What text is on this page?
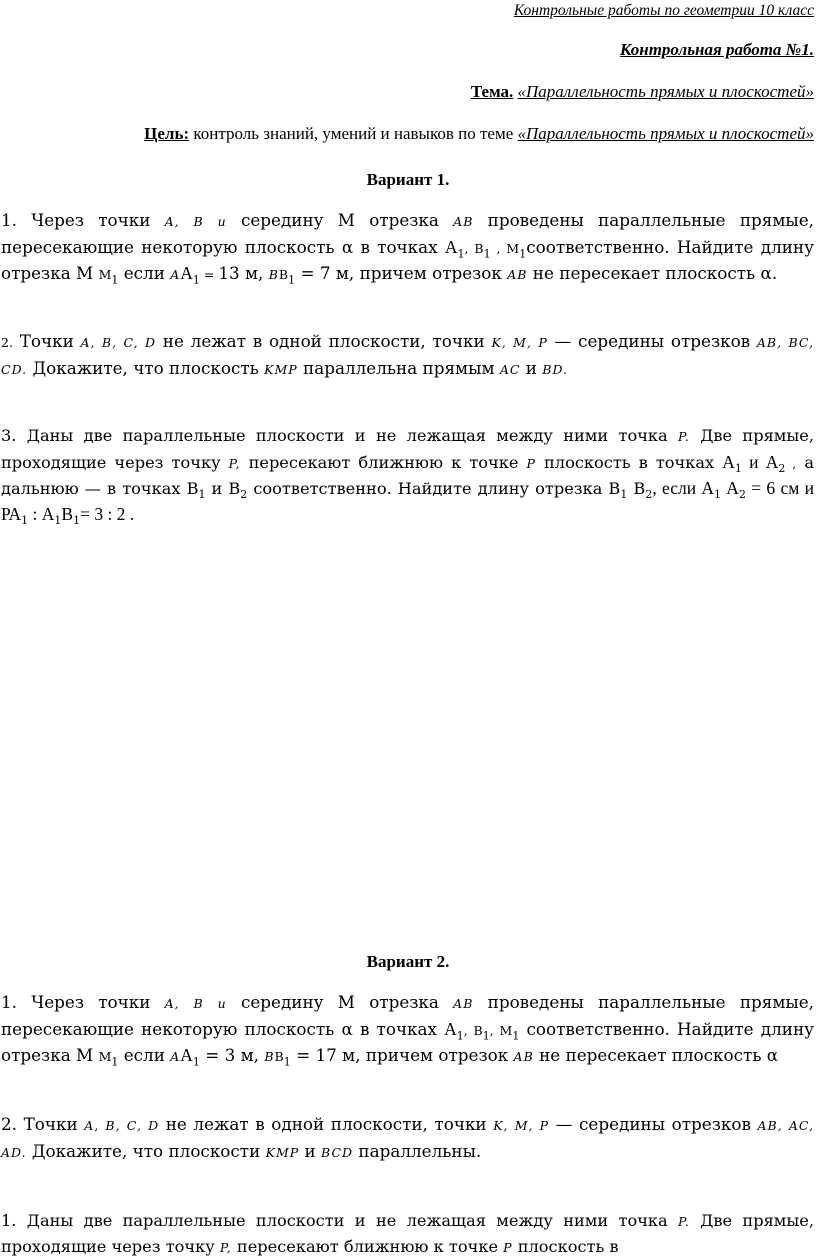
Контрольные работы по геометрии 10 класс
Контрольная работа №1.
Тема. «Параллельность прямых и плоскостей»
Цель: контроль знаний, умений и навыков по теме «Параллельность прямых и плоскостей»
Вариант 1.
1. Через точки A, B и середину М отрезка AB проведены параллельные прямые, пересекающие некоторую плоскость α в точках $А_1$, $В_1$ , $М_1соответственно$. Найдите длину отрезка М $М_1$ если $AА_1 = 13$ м, $BВ_1 = 7$ м, причем отрезок AB не пересекает плоскость α.
2. Точки A, B, C, D не лежат в одной плоскости, точки K, M, P — середины отрезков AB, BC, CD. Докажите, что плоскость KMP параллельна прямым AC и BD.
3. Даны две параллельные плоскости и не лежащая между ними точка P. Две прямые, проходящие через точку P, пересекают ближнюю к точке P плоскость в точках $А_1$ и $А_2$ , а дальнюю — в точках $В_1$ и $В_2$ соответственно. Найдите длину отрезка $В_1$ $В_2$, если $А_1$ $А_2 = 6$ см и $РА_1$ : $А_1В_1= 3$ : 2 .
Вариант 2.
1. Через точки A, B и середину М отрезка AB проведены параллельные прямые, пересекающие некоторую плоскость α в точках $А_1$, $В_1$, $М_1$ соответственно. Найдите длину отрезка М $М_1$ если $AА_1 = 3$ м, $BВ_1 = 17$ м, причем отрезок AB не пересекает плоскость α
2. Точки A, B, C, D не лежат в одной плоскости, точки K, M, P — середины отрезков AB, AC, AD. Докажите, что плоскости KMP и BCD параллельны.
1. Даны две параллельные плоскости и не лежащая между ними точка P. Две прямые, проходящие через точку P, пересекают ближнюю к точке P плоскость в
